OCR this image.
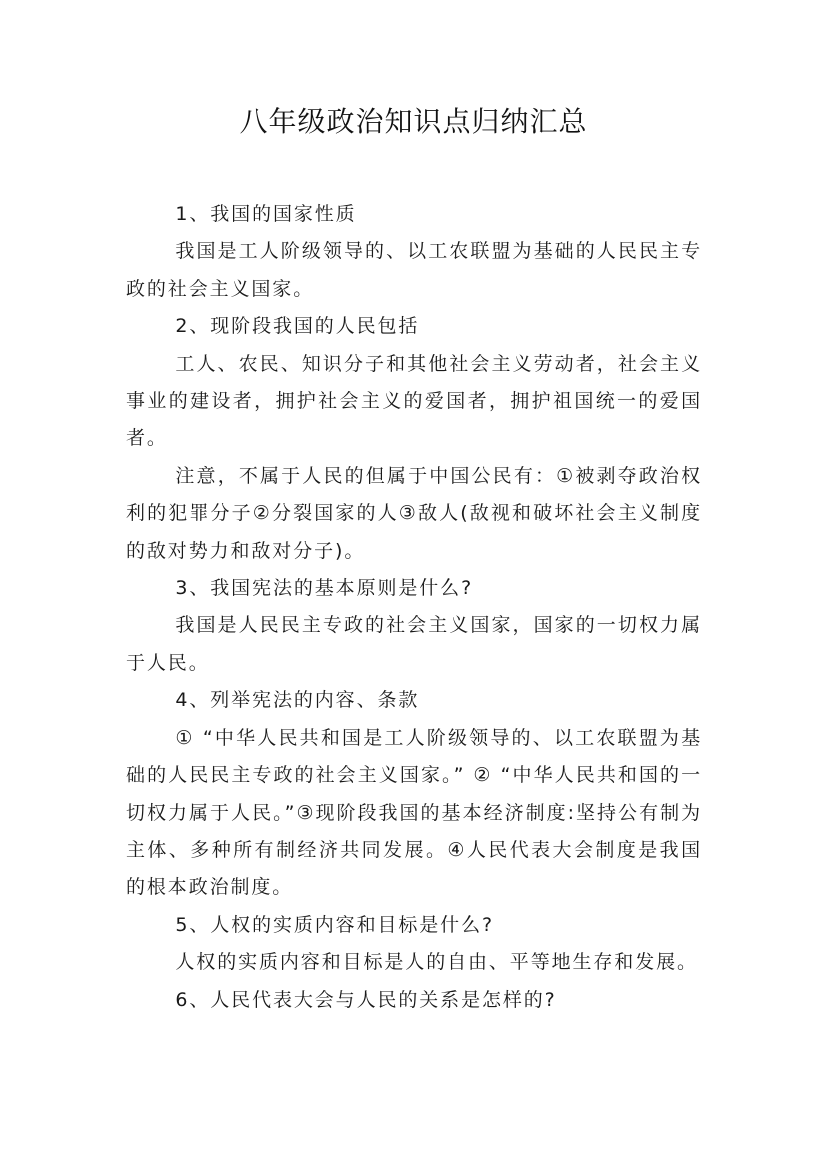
八年级政治知识点归纳汇总

1、我国的国家性质

我国是工人阶级领导的、以工农联盟为基础的人民民主专政的社会主义国家。

2、现阶段我国的人民包括

工人、农民、知识分子和其他社会主义劳动者，社会主义事业的建设者，拥护社会主义的爱国者，拥护祖国统一的爱国者。

注意，不属于人民的但属于中国公民有：①被剥夺政治权利的犯罪分子②分裂国家的人③敌人(敌视和破坏社会主义制度的敌对势力和敌对分子)。

3、我国宪法的基本原则是什么?

我国是人民民主专政的社会主义国家，国家的一切权力属于人民。

4、列举宪法的内容、条款

① “中华人民共和国是工人阶级领导的、以工农联盟为基础的人民民主专政的社会主义国家。” ② “中华人民共和国的一切权力属于人民。”③现阶段我国的基本经济制度:坚持公有制为主体、多种所有制经济共同发展。④人民代表大会制度是我国的根本政治制度。

5、人权的实质内容和目标是什么?

人权的实质内容和目标是人的自由、平等地生存和发展。

6、人民代表大会与人民的关系是怎样的?
